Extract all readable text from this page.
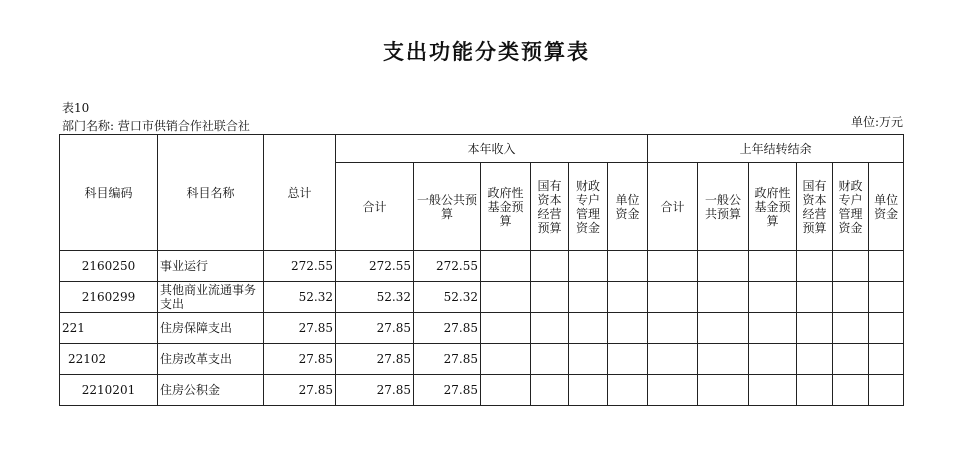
支出功能分类预算表
表10
部门名称: 营口市供销合作社联合社	单位:万元
科目编码	科目名称	总计	本年收入						上年结转结余					
			合计	一般公共预算	政府性基金预算	国有资本经营预算	财政专户管理资金	单位资金	合计	一般公共预算	政府性基金预算	国有资本经营预算	财政专户管理资金	单位资金
2160250	事业运行	272.55	272.55	272.55										
2160299	其他商业流通事务支出	52.32	52.32	52.32										
221	住房保障支出	27.85	27.85	27.85										
22102	住房改革支出	27.85	27.85	27.85										
2210201	住房公积金	27.85	27.85	27.85										
